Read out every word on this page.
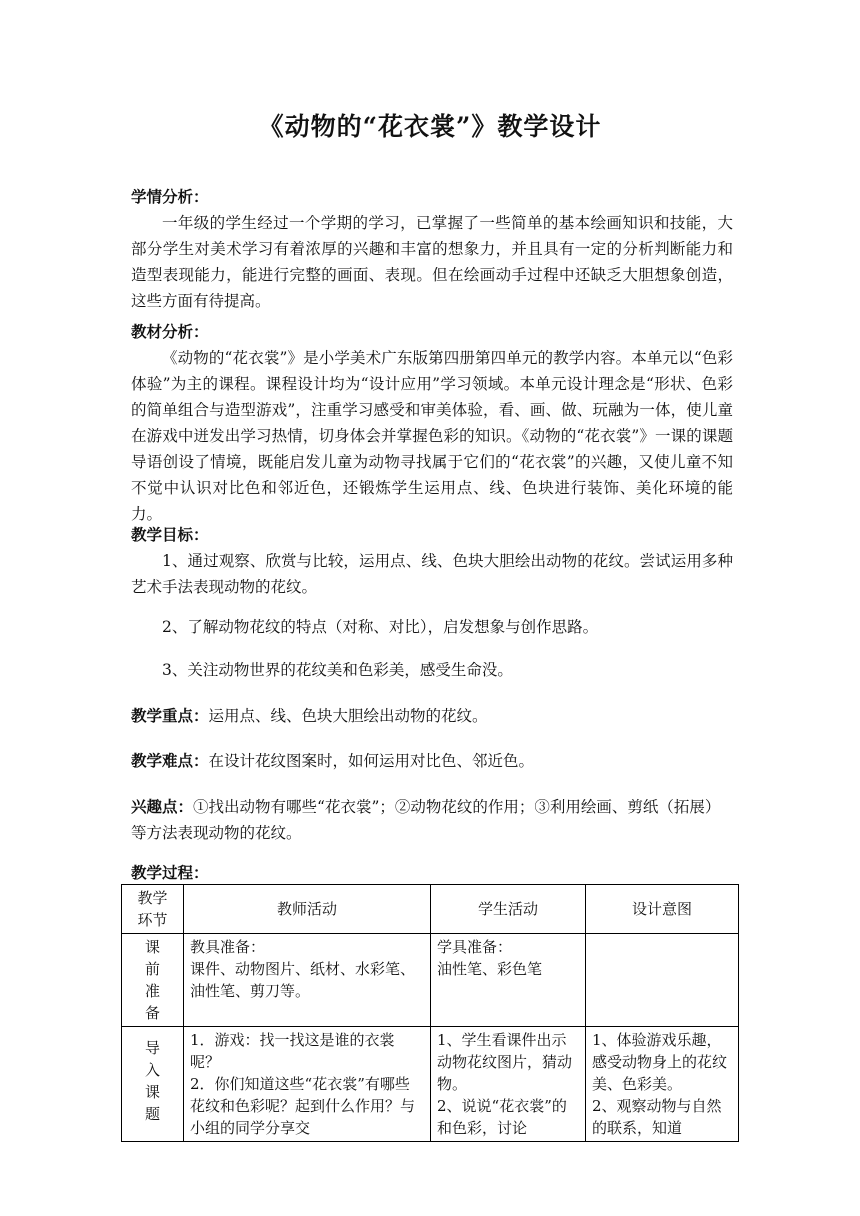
《动物的“花衣裳”》教学设计
学情分析：

一年级的学生经过一个学期的学习，已掌握了一些简单的基本绘画知识和技能，大部分学生对美术学习有着浓厚的兴趣和丰富的想象力，并且具有一定的分析判断能力和造型表现能力，能进行完整的画面、表现。但在绘画动手过程中还缺乏大胆想象创造，这些方面有待提高。

教材分析：

《动物的“花衣裳”》是小学美术广东版第四册第四单元的教学内容。本单元以“色彩体验”为主的课程。课程设计均为“设计应用”学习领域。本单元设计理念是“形状、色彩的简单组合与造型游戏”，注重学习感受和审美体验，看、画、做、玩融为一体，使儿童在游戏中迸发出学习热情，切身体会并掌握色彩的知识。《动物的“花衣裳”》一课的课题导语创设了情境，既能启发儿童为动物寻找属于它们的“花衣裳”的兴趣，又使儿童不知不觉中认识对比色和邻近色，还锻炼学生运用点、线、色块进行装饰、美化环境的能力。

教学目标：

1、通过观察、欣赏与比较，运用点、线、色块大胆绘出动物的花纹。尝试运用多种艺术手法表现动物的花纹。

2、了解动物花纹的特点（对称、对比），启发想象与创作思路。

3、关注动物世界的花纹美和色彩美，感受生命没。

教学重点：运用点、线、色块大胆绘出动物的花纹。
教学难点：在设计花纹图案时，如何运用对比色、邻近色。
兴趣点：①找出动物有哪些“花衣裳”；②动物花纹的作用；③利用绘画、剪纸（拓展）等方法表现动物的花纹。
教学过程：
教学
环节	教师活动	学生活动	设计意图
课
前
准
备	教具准备：
课件、动物图片、纸材、水彩笔、油性笔、剪刀等。	学具准备：
油性笔、彩色笔	
导
入
课
题	1．游戏：找一找这是谁的衣裳呢？
2．你们知道这些“花衣裳”有哪些花纹和色彩呢？起到什么作用？与小组的同学分享交	1、学生看课件出示动物花纹图片，猜动物。
2、说说“花衣裳”的和色彩，讨论	1、体验游戏乐趣，感受动物身上的花纹美、色彩美。
2、观察动物与自然的联系，知道
